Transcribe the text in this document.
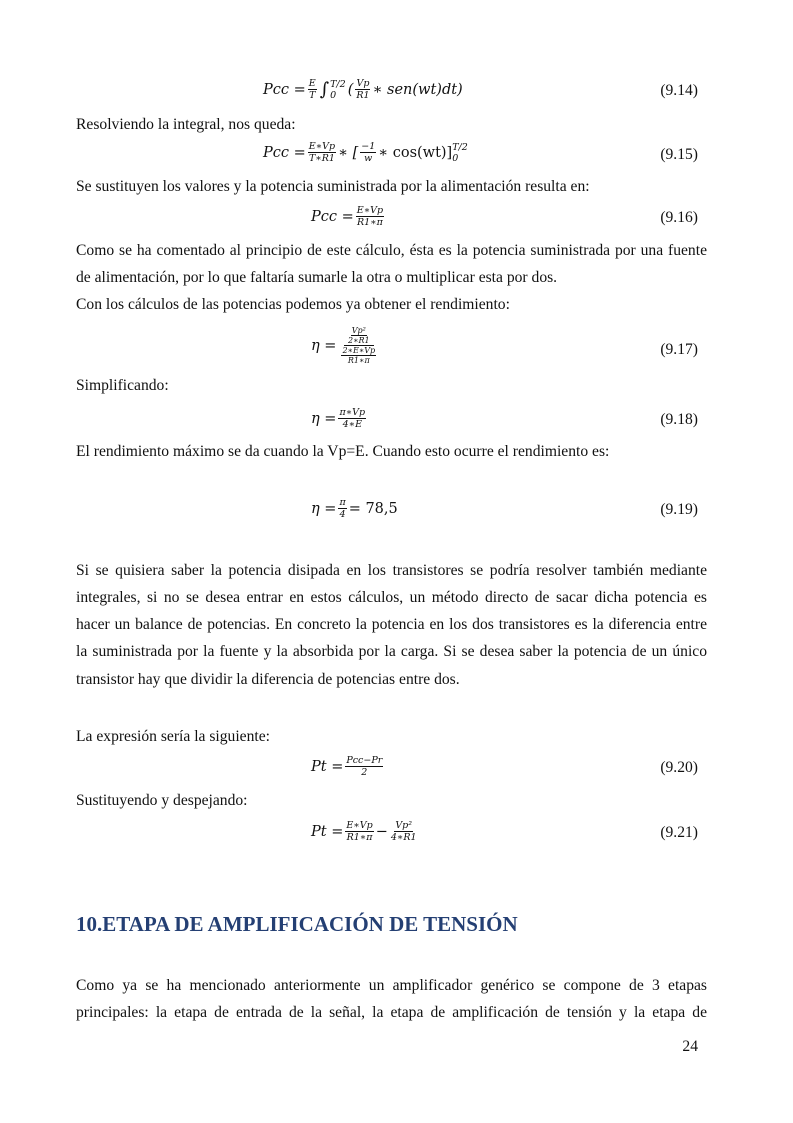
Pcc = $\frac{E}{T}$ ∫ T/2
0 ( $\frac{Vp}{R1}$ ∗ sen(wt)dt)	(9.14)
Resolviendo la integral, nos queda:
Pcc = $\frac{E∗Vp}{T∗R1}$ ∗ [ $\frac{-1}{w}$ ∗ cos(wt)] T/2
0	(9.15)
Se sustituyen los valores y la potencia suministrada por la alimentación resulta en:
Pcc = $\frac{E∗Vp}{R1∗\pi}$	(9.16)
Como se ha comentado al principio de este cálculo, ésta es la potencia suministrada por una fuente
de alimentación, por lo que faltaría sumarle la otra o multiplicar esta por dos.
Con los cálculos de las potencias podemos ya obtener el rendimiento:
$\eta = \frac{\frac{\text{Vp²}}{2∗R1}}{\frac{2∗E∗Vp}{R1∗\pi}}$	(9.17)
Simplificando:
$\eta = \frac{\pi∗Vp}{4∗E}$	(9.18)
El rendimiento máximo se da cuando la Vp=E. Cuando esto ocurre el rendimiento es:
$\eta = \frac{\pi}{4} = 78,5$	(9.19)
Si se quisiera saber la potencia disipada en los transistores se podría resolver también mediante
integrales, si no se desea entrar en estos cálculos, un método directo de sacar dicha potencia es
hacer un balance de potencias. En concreto la potencia en los dos transistores es la diferencia entre
la suministrada por la fuente y la absorbida por la carga. Si se desea saber la potencia de un único
transistor hay que dividir la diferencia de potencias entre dos.
La expresión sería la siguiente:
$Pt = \frac{\text{Pcc−Pr}}{2}$	(9.20)
Sustituyendo y despejando:
$Pt = \frac{E∗Vp}{R1∗\pi} - \frac{\text{Vp²}}{4∗R1}$	(9.21)
10.ETAPA DE AMPLIFICACIÓN DE TENSIÓN
Como ya se ha mencionado anteriormente un amplificador genérico se compone de 3 etapas
principales: la etapa de entrada de la señal, la etapa de amplificación de tensión y la etapa de
24
